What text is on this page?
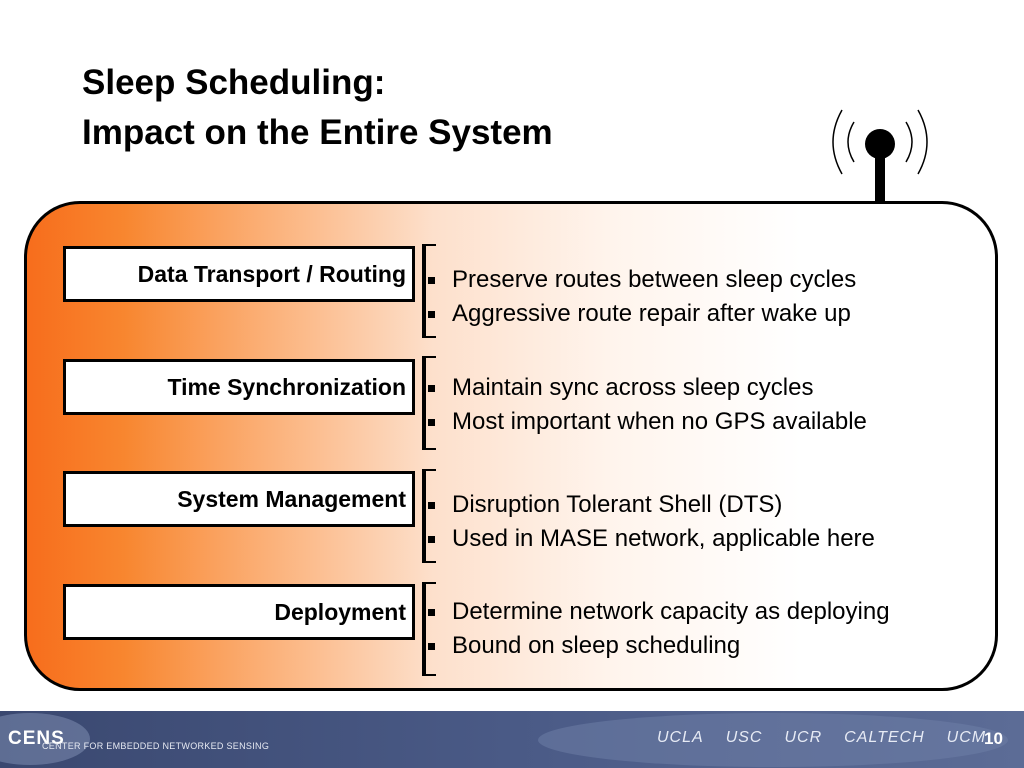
Sleep Scheduling:
Impact on the Entire System
Data Transport / Routing Preserve routes between sleep cycles
Aggressive route repair after wake up
Time Synchronization Maintain sync across sleep cycles
Most important when no GPS available
System Management Disruption Tolerant Shell (DTS)
Used in MASE network, applicable here
Deployment Determine network capacity as deploying
Bound on sleep scheduling
CENS
CENTER FOR EMBEDDED NETWORKED SENSING	UCLA USC UCR CALTECH UCM
10
